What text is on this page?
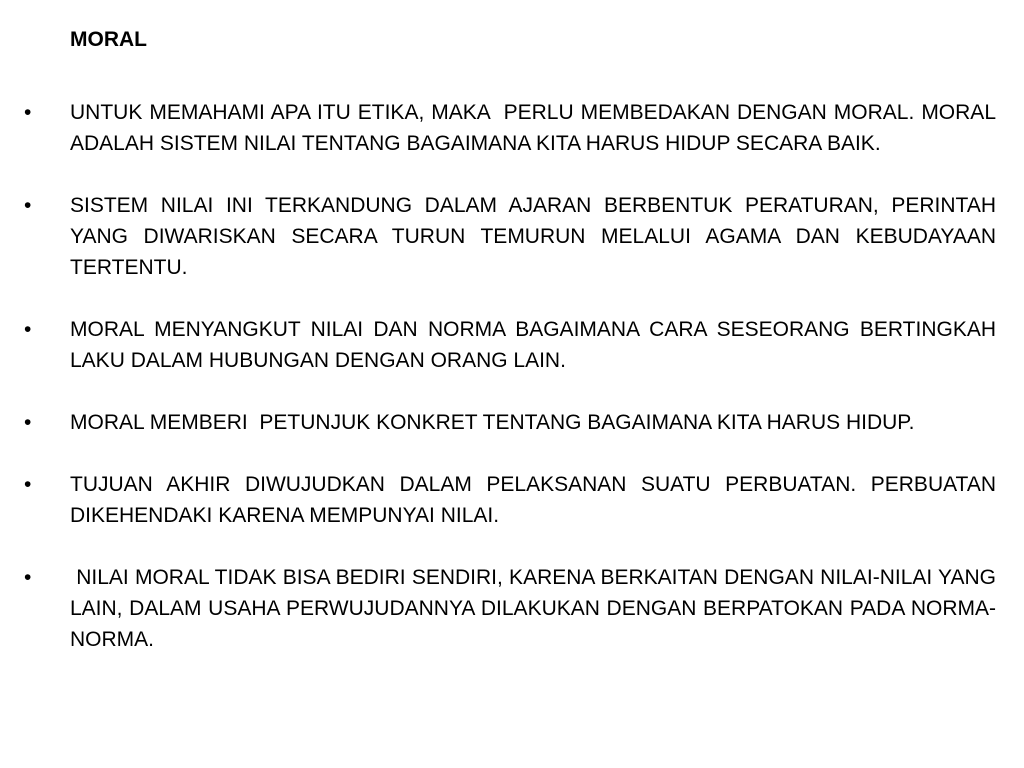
MORAL
• UNTUK MEMAHAMI APA ITU ETIKA, MAKA  PERLU MEMBEDAKAN DENGAN MORAL. MORAL ADALAH SISTEM NILAI TENTANG BAGAIMANA KITA HARUS HIDUP SECARA BAIK.
• SISTEM NILAI INI TERKANDUNG DALAM AJARAN BERBENTUK PERATURAN, PERINTAH YANG DIWARISKAN SECARA TURUN TEMURUN MELALUI AGAMA DAN KEBUDAYAAN TERTENTU.
• MORAL MENYANGKUT NILAI DAN NORMA BAGAIMANA CARA SESEORANG BERTINGKAH LAKU DALAM HUBUNGAN DENGAN ORANG LAIN.
• MORAL MEMBERI  PETUNJUK KONKRET TENTANG BAGAIMANA KITA HARUS HIDUP.
• TUJUAN AKHIR DIWUJUDKAN DALAM PELAKSANAN SUATU PERBUATAN. PERBUATAN DIKEHENDAKI KARENA MEMPUNYAI NILAI.
• NILAI MORAL TIDAK BISA BEDIRI SENDIRI, KARENA BERKAITAN DENGAN NILAI-NILAI YANG LAIN, DALAM USAHA PERWUJUDANNYA DILAKUKAN DENGAN BERPATOKAN PADA NORMA-NORMA.
